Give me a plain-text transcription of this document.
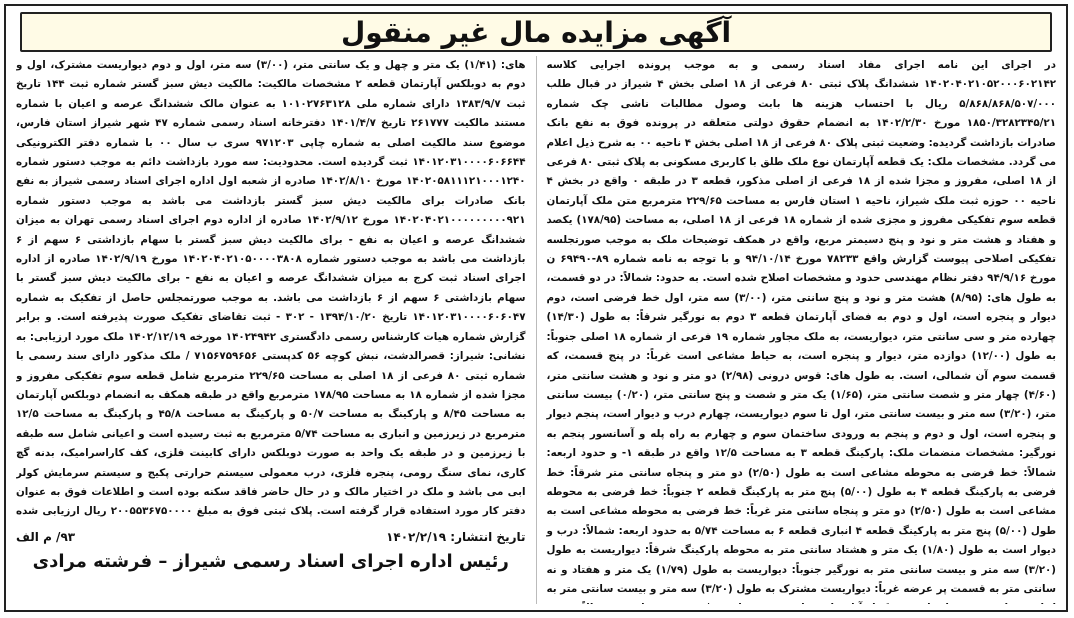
آگهی مزایده مال غیر منقول

در اجرای این نامه اجرای مفاد اسناد رسمی و به موجب پرونده اجرایی کلاسه ۱۴۰۲۰۴۰۲۱۰۵۲۰۰۰۶۰۲۱۴۲ ششدانگ پلاک ثبتی ۸۰ فرعی از ۱۸ اصلی بخش ۴ شیراز در قبال طلب ۵/۸۶۸/۸۶۸/۵۰۷/۰۰۰ ریال با احتساب هزینه ها بابت وصول مطالبات ناشی چک شماره ۱۸۵۰/۳۲۸۲۳۴۵/۲۱ مورخ ۱۴۰۲/۲/۳۰ به انضمام حقوق دولتی متعلقه در پرونده فوق به نفع بانک صادرات بازداشت گردیده: وضعیت ثبتی پلاک ۸۰ فرعی از ۱۸ اصلی بخش ۴ ناحیه ۰۰ به شرح ذیل اعلام می گردد. مشخصات ملک: یک قطعه آپارتمان نوع ملک طلق با کاربری مسکونی به پلاک ثبتی ۸۰ فرعی از ۱۸ اصلی، مفروز و مجزا شده از ۱۸ فرعی از اصلی مذکور، قطعه ۳ در طبقه ۰ واقع در بخش ۴ ناحیه ۰۰ حوزه ثبت ملک شیراز، ناحیه ۱ استان فارس به مساحت ۲۲۹/۶۵ مترمربع متن ملک آپارتمان قطعه سوم تفکیکی مفروز و مجزی شده از شماره ۱۸ فرعی از ۱۸ اصلی، به مساحت (۱۷۸/۹۵) یکصد و هفتاد و هشت متر و نود و پنج دسیمتر مربع، واقع در همکف توضیحات ملک به موجب صورتجلسه تفکیکی اصلاحی پیوست گزارش واقع ۷۸۲۳۳ مورخ ۹۴/۱۰/۱۴ و با توجه به نامه شماره ۸۹-۶۹۴۹۰ ن مورخ ۹۴/۹/۱۶ دفتر نظام مهندسی حدود و مشخصات اصلاح شده است. به حدود: شمالاً: در دو قسمت، به طول های: (۸/۹۵) هشت متر و نود و پنج سانتی متر، (۳/۰۰) سه متر، اول خط فرضی است، دوم دیوار و پنجره است، اول و دوم به فضای آپارتمان قطعه ۳ دوم به نورگیر شرقاً: به طول (۱۴/۳۰) چهارده متر و سی سانتی متر، دیواریست، به ملک مجاور شماره ۱۹ فرعی از شماره ۱۸ اصلی جنوباً: به طول (۱۲/۰۰) دوازده متر، دیوار و پنجره است، به حیاط مشاعی است غرباً: در پنج قسمت، که قسمت سوم آن شمالی، است. به طول های: قوس درونی (۲/۹۸) دو متر و نود و هشت سانتی متر، (۴/۶۰) چهار متر و شصت سانتی متر، (۱/۶۵) یک متر و شصت و پنج سانتی متر، (۰/۲۰) بیست سانتی متر، (۳/۲۰) سه متر و بیست سانتی متر، اول تا سوم دیواریست، چهارم درب و دیوار است، پنجم دیوار و پنجره است، اول و دوم و پنجم به ورودی ساختمان سوم و چهارم به راه پله و آسانسور پنجم به نورگیر: مشخصات منضمات ملک: پارکینگ قطعه ۳ به مساحت ۱۲/۵ واقع در طبقه ۱- و حدود اربعه: شمالاً: خط فرضی به محوطه مشاعی است به طول (۲/۵۰) دو متر و پنجاه سانتی متر شرقاً: خط فرضی به پارکینگ قطعه ۴ به طول (۵/۰۰) پنج متر به پارکینگ قطعه ۲ جنوباً: خط فرضی به محوطه مشاعی است به طول (۲/۵۰) دو متر و پنجاه سانتی متر غرباً: خط فرضی به محوطه مشاعی است به طول (۵/۰۰) پنج متر به پارکینگ قطعه ۴ انباری قطعه ۶ به مساحت ۵/۷۴ به حدود اربعه: شمالاً: درب و دیوار است به طول (۱/۸۰) یک متر و هشتاد سانتی متر به محوطه پارکینگ شرقاً: دیواریست به طول (۳/۲۰) سه متر و بیست سانتی متر به نورگیر جنوباً: دیواریست به طول (۱/۷۹) یک متر و هفتاد و نه سانتی متر به قسمت پر عرضه غرباً: دیواریست مشترک به طول (۳/۲۰) سه متر و بیست سانتی متر به

های: (۱/۴۱) یک متر و چهل و یک سانتی متر، (۳/۰۰) سه متر، اول و دوم دیواریست مشترک، اول و دوم به دوبلکس آپارتمان قطعه ۲ مشخصات مالکیت: مالکیت دیش سبز گستر شماره ثبت ۱۴۴ تاریخ ثبت ۱۳۸۳/۹/۷ دارای شماره ملی ۱۰۱۰۲۷۶۳۱۲۸ به عنوان مالک ششدانگ عرصه و اعیان با شماره مستند مالکیت ۲۶۱۷۷۷ تاریخ ۱۴۰۱/۴/۷ دفترخانه اسناد رسمی شماره ۴۷ شهر شیراز استان فارس، موضوع سند مالکیت اصلی به شماره چاپی ۹۷۱۲۰۳ سری ب سال ۰۰ با شماره دفتر الکترونیکی ۱۴۰۱۲۰۳۱۰۰۰۰۶۰۶۶۴۴ ثبت گردیده است. محدودیت: سه مورد بازداشت دائم به موجب دستور شماره ۱۴۰۲۰۵۸۱۱۱۲۱۰۰۰۱۲۴۰ مورخ ۱۴۰۲/۸/۱۰ صادره از شعبه اول اداره اجرای اسناد رسمی شیراز به نفع بانک صادرات برای مالکیت دیش سبز گستر بازداشت می باشد به موجب دستور شماره ۱۴۰۲۰۴۰۲۱۰۰۰۰۰۰۰۰۰۹۲۱ مورخ ۱۴۰۲/۹/۱۲ صادره از اداره دوم اجرای اسناد رسمی تهران به میزان ششدانگ عرصه و اعیان به نفع - برای مالکیت دیش سبز گستر با سهام بازداشتی ۶ سهم از ۶ بازداشت می باشد به موجب دستور شماره ۱۴۰۲۰۴۰۲۱۰۵۰۰۰۰۳۸۰۸ مورخ ۱۴۰۲/۹/۱۹ صادره از اداره اجرای اسناد ثبت کرج به میزان ششدانگ عرصه و اعیان به نفع - برای مالکیت دیش سبز گستر با سهام بازداشتی ۶ سهم از ۶ بازداشت می باشد. به موجب صورتمجلس حاصل از تفکیک به شماره ۱۴۰۱۲۰۳۱۰۰۰۰۶۰۶۰۴۷ تاریخ ۱۳۹۴/۱۰/۲۰ - ۳۰۲ - ثبت تقاضای تفکیک صورت پذیرفته است. و برابر گزارش شماره هیات کارشناس رسمی دادگستری ۱۴۰۲۴۹۴۲ مورخه ۱۴۰۲/۱۲/۱۹ ملک مورد ارزیابی: به نشانی: شیراز: قصرالدشت، نبش کوچه ۵۶ کدپستی ۷۱۵۶۷۵۹۶۵۶ / ملک مذکور دارای سند رسمی با شماره ثبتی ۸۰ فرعی از ۱۸ اصلی به مساحت ۲۲۹/۶۵ مترمربع شامل قطعه سوم تفکیکی مفروز و مجزا شده از شماره ۱۸ به مساحت ۱۷۸/۹۵ مترمربع واقع در طبقه همکف به انضمام دوبلکس آپارتمان به مساحت ۸/۴۵ و پارکینگ به مساحت ۵۰/۷ و پارکینگ به مساحت ۴۵/۸ و پارکینگ به مساحت ۱۲/۵ مترمربع در زیرزمین و انباری به مساحت ۵/۷۴ مترمربع به ثبت رسیده است و اعیانی شامل سه طبقه با زیرزمین و در طبقه یک واحد به صورت دوبلکس دارای کابینت فلزی، کف کاراسرامیک، بدنه گچ کاری، نمای سنگ رومی، پنجره فلزی، درب معمولی سیستم حرارتی پکیج و سیستم سرمایش کولر ابی می باشد و ملک در اختیار مالک و در حال حاضر فاقد سکنه بوده است و اطلاعات فوق به عنوان دفتر کار مورد استفاده قرار گرفته است. پلاک ثبتی فوق به مبلغ ۲۰۰۵۵۳۶۷۵۰۰۰۰ ریال ارزیابی شده

تاریخ انتشار: ۱۴۰۲/۲/۱۹
۹۳/ م الف
رئیس اداره اجرای اسناد رسمی شیراز – فرشته مرادی
